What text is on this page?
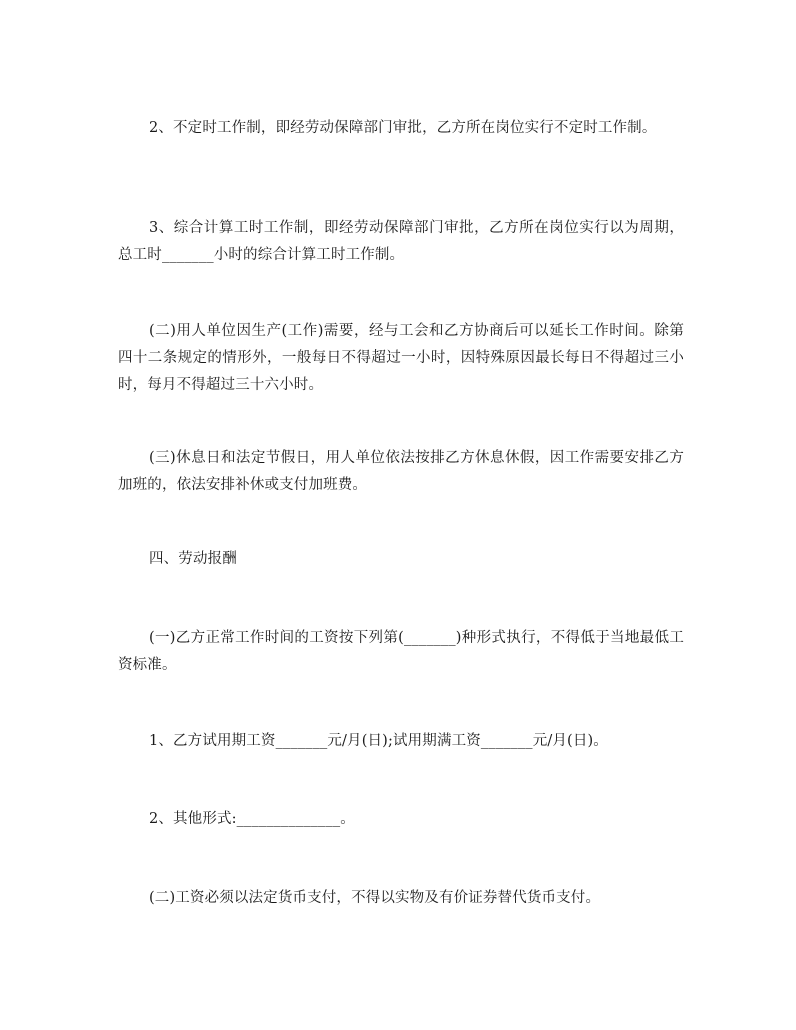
2、不定时工作制，即经劳动保障部门审批，乙方所在岗位实行不定时工作制。

3、综合计算工时工作制，即经劳动保障部门审批，乙方所在岗位实行以为周期，总工时_______小时的综合计算工时工作制。

(二)用人单位因生产(工作)需要，经与工会和乙方协商后可以延长工作时间。除第四十二条规定的情形外，一般每日不得超过一小时，因特殊原因最长每日不得超过三小时，每月不得超过三十六小时。

(三)休息日和法定节假日，用人单位依法按排乙方休息休假，因工作需要安排乙方加班的，依法安排补休或支付加班费。

四、劳动报酬

(一)乙方正常工作时间的工资按下列第(_______)种形式执行，不得低于当地最低工资标准。

1、乙方试用期工资_______元/月(日);试用期满工资_______元/月(日)。

2、其他形式:______________。

(二)工资必须以法定货币支付，不得以实物及有价证券替代货币支付。
